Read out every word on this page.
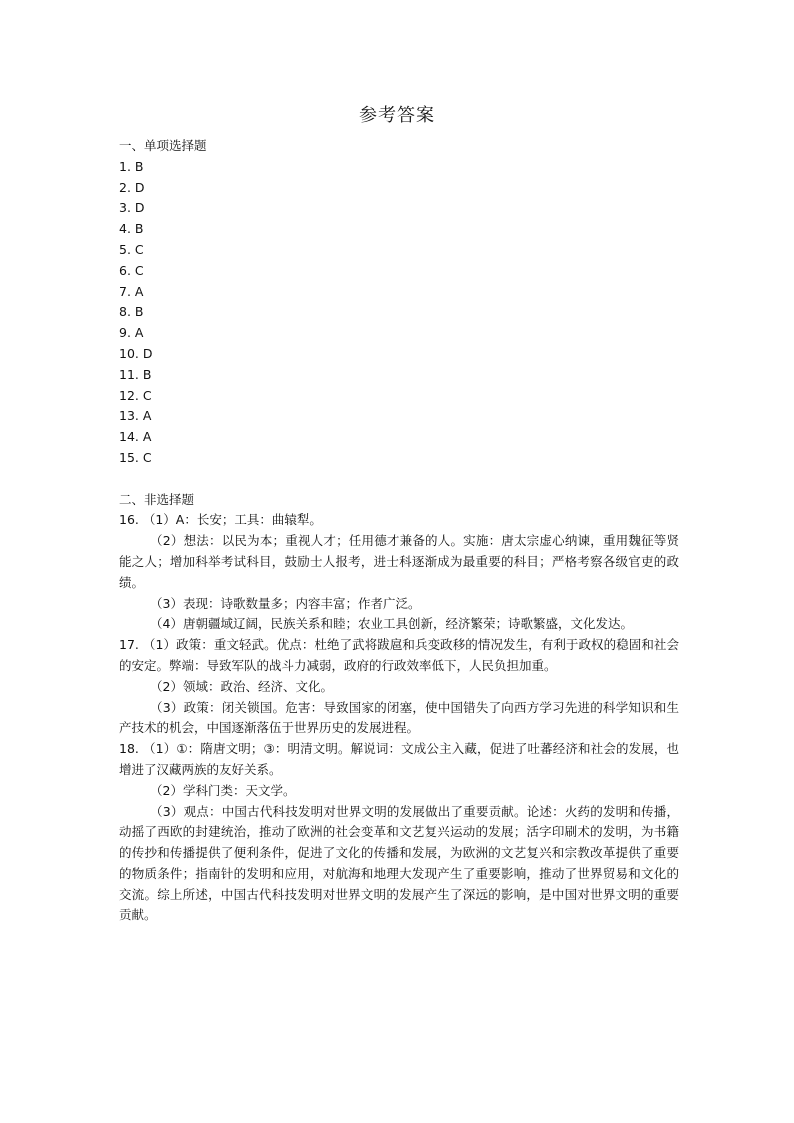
参考答案
一、单项选择题
1. B
2. D
3. D
4. B
5. C
6. C
7. A
8. B
9. A
10. D
11. B
12. C
13. A
14. A
15. C
二、非选择题
16. （1）A：长安；工具：曲辕犁。
（2）想法：以民为本；重视人才；任用德才兼备的人。实施：唐太宗虚心纳谏，重用魏征等贤能之人；增加科举考试科目，鼓励士人报考，进士科逐渐成为最重要的科目；严格考察各级官吏的政绩。
（3）表现：诗歌数量多；内容丰富；作者广泛。
（4）唐朝疆域辽阔，民族关系和睦；农业工具创新，经济繁荣；诗歌繁盛，文化发达。
17. （1）政策：重文轻武。优点：杜绝了武将跋扈和兵变政移的情况发生，有利于政权的稳固和社会的安定。弊端：导致军队的战斗力减弱，政府的行政效率低下，人民负担加重。
（2）领域：政治、经济、文化。
（3）政策：闭关锁国。危害：导致国家的闭塞，使中国错失了向西方学习先进的科学知识和生产技术的机会，中国逐渐落伍于世界历史的发展进程。
18. （1）①：隋唐文明；③：明清文明。解说词：文成公主入藏，促进了吐蕃经济和社会的发展，也增进了汉藏两族的友好关系。
（2）学科门类：天文学。
（3）观点：中国古代科技发明对世界文明的发展做出了重要贡献。论述：火药的发明和传播，动摇了西欧的封建统治，推动了欧洲的社会变革和文艺复兴运动的发展；活字印刷术的发明，为书籍的传抄和传播提供了便利条件，促进了文化的传播和发展，为欧洲的文艺复兴和宗教改革提供了重要的物质条件；指南针的发明和应用，对航海和地理大发现产生了重要影响，推动了世界贸易和文化的交流。综上所述，中国古代科技发明对世界文明的发展产生了深远的影响，是中国对世界文明的重要贡献。
